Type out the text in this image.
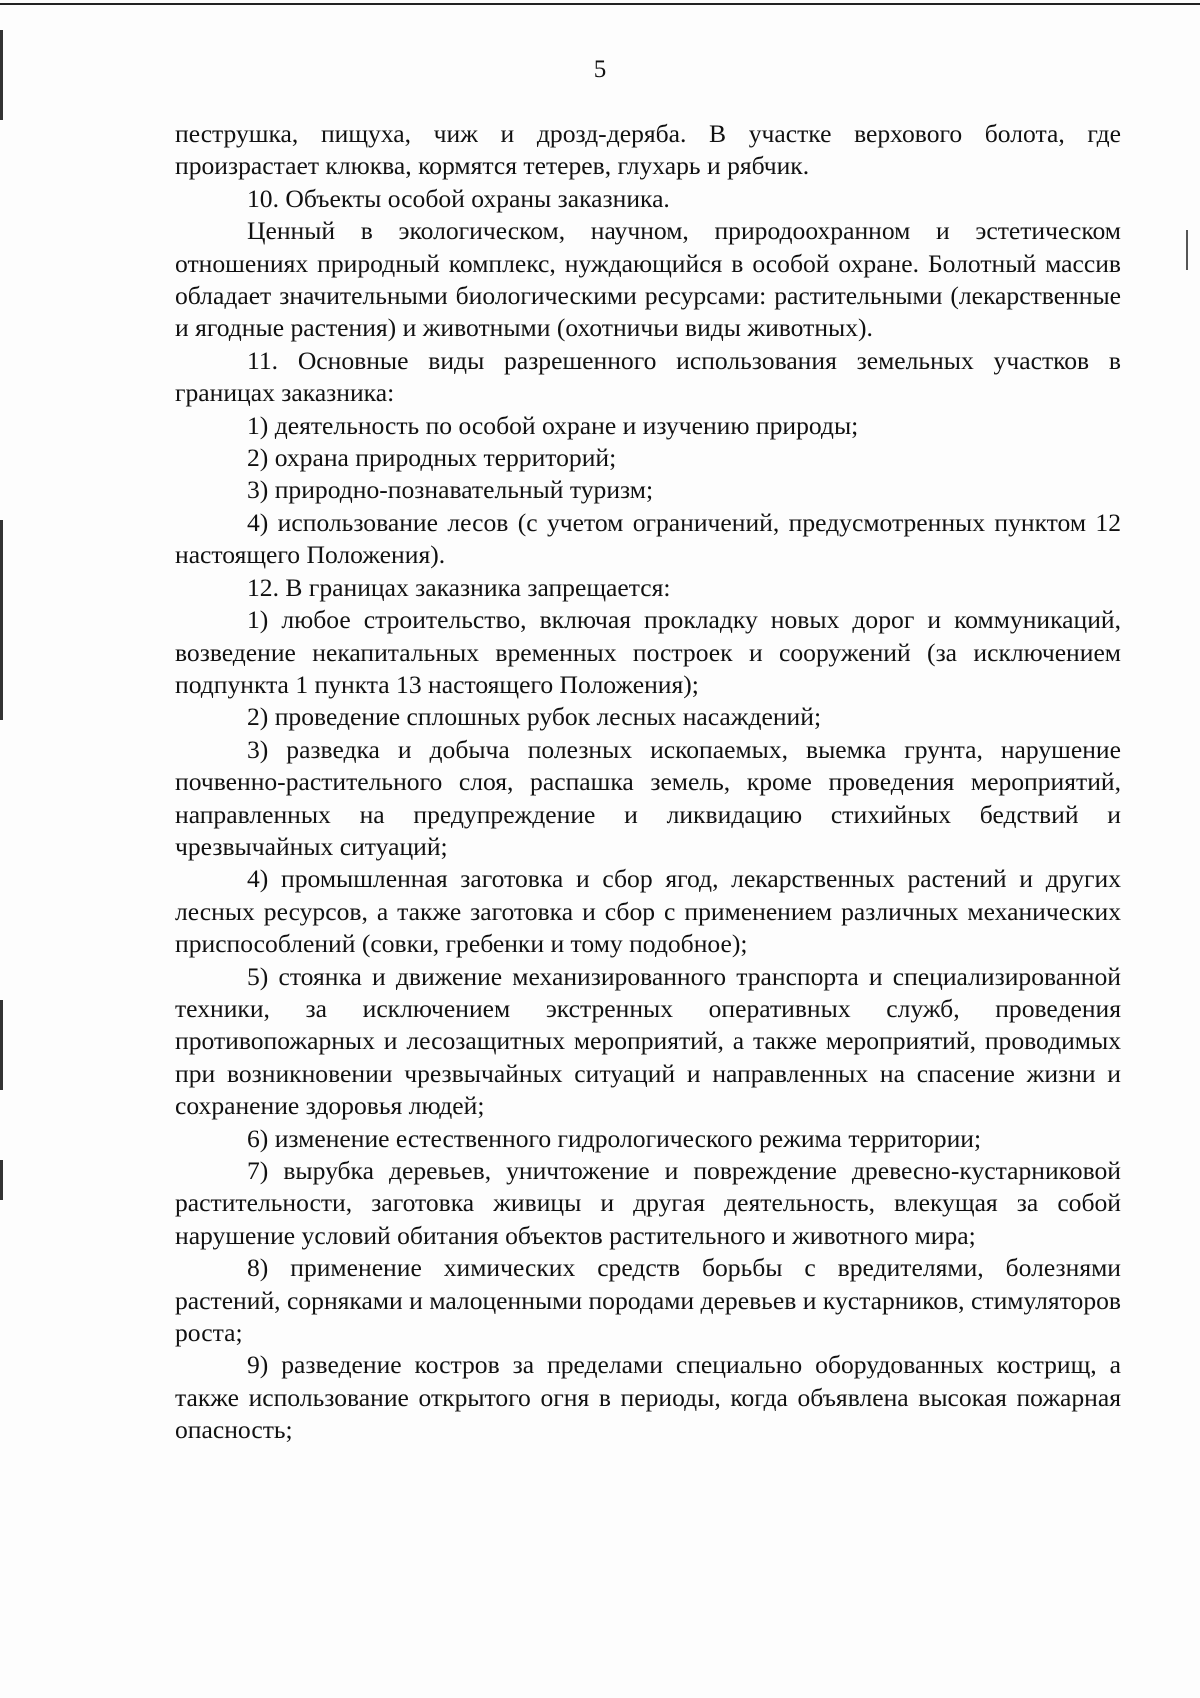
5

пеструшка, пищуха, чиж и дрозд-деряба. В участке верхового болота, где произрастает клюква, кормятся тетерев, глухарь и рябчик.

10. Объекты особой охраны заказника.

Ценный в экологическом, научном, природоохранном и эстетическом отношениях природный комплекс, нуждающийся в особой охране. Болотный массив обладает значительными биологическими ресурсами: растительными (лекарственные и ягодные растения) и животными (охотничьи виды животных).

11. Основные виды разрешенного использования земельных участков в границах заказника:

1) деятельность по особой охране и изучению природы;

2) охрана природных территорий;

3) природно-познавательный туризм;

4) использование лесов (с учетом ограничений, предусмотренных пунктом 12 настоящего Положения).

12. В границах заказника запрещается:

1) любое строительство, включая прокладку новых дорог и коммуникаций, возведение некапитальных временных построек и сооружений (за исключением подпункта 1 пункта 13 настоящего Положения);

2) проведение сплошных рубок лесных насаждений;

3) разведка и добыча полезных ископаемых, выемка грунта, нарушение почвенно-растительного слоя, распашка земель, кроме проведения мероприятий, направленных на предупреждение и ликвидацию стихийных бедствий и чрезвычайных ситуаций;

4) промышленная заготовка и сбор ягод, лекарственных растений и других лесных ресурсов, а также заготовка и сбор с применением различных механических приспособлений (совки, гребенки и тому подобное);

5) стоянка и движение механизированного транспорта и специализированной техники, за исключением экстренных оперативных служб, проведения противопожарных и лесозащитных мероприятий, а также мероприятий, проводимых при возникновении чрезвычайных ситуаций и направленных на спасение жизни и сохранение здоровья людей;

6) изменение естественного гидрологического режима территории;

7) вырубка деревьев, уничтожение и повреждение древесно-кустарниковой растительности, заготовка живицы и другая деятельность, влекущая за собой нарушение условий обитания объектов растительного и животного мира;

8) применение химических средств борьбы с вредителями, болезнями растений, сорняками и малоценными породами деревьев и кустарников, стимуляторов роста;

9) разведение костров за пределами специально оборудованных кострищ, а также использование открытого огня в периоды, когда объявлена высокая пожарная опасность;
